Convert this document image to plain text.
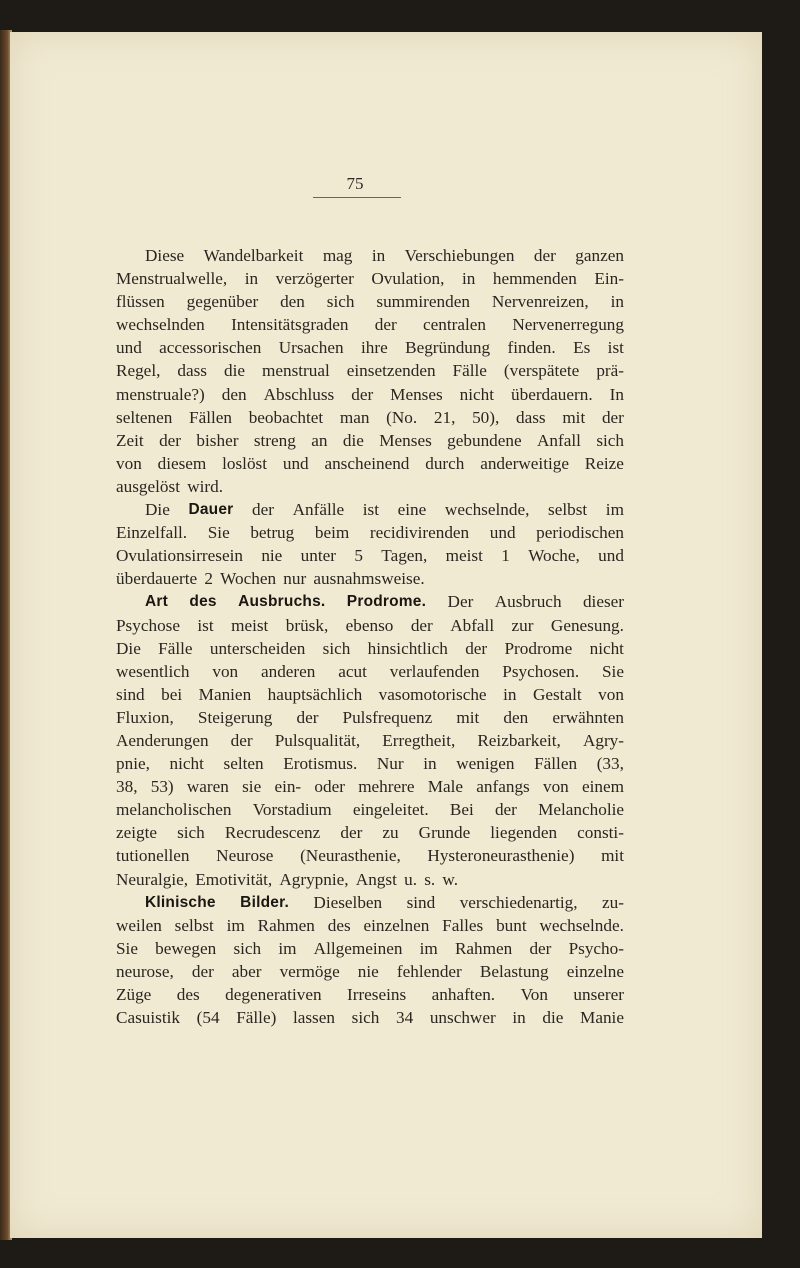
75
Diese Wandelbarkeit mag in Verschiebungen der ganzen
Menstrualwelle, in verzögerter Ovulation, in hemmenden Ein-
flüssen gegenüber den sich summirenden Nervenreizen, in
wechselnden Intensitätsgraden der centralen Nervenerregung
und accessorischen Ursachen ihre Begründung finden. Es ist
Regel, dass die menstrual einsetzenden Fälle (verspätete prä-
menstruale?) den Abschluss der Menses nicht überdauern. In
seltenen Fällen beobachtet man (No. 21, 50), dass mit der
Zeit der bisher streng an die Menses gebundene Anfall sich
von diesem loslöst und anscheinend durch anderweitige Reize
ausgelöst wird.
Die Dauer der Anfälle ist eine wechselnde, selbst im
Einzelfall. Sie betrug beim recidivirenden und periodischen
Ovulationsirresein nie unter 5 Tagen, meist 1 Woche, und
überdauerte 2 Wochen nur ausnahmsweise.
Art des Ausbruchs. Prodrome. Der Ausbruch dieser
Psychose ist meist brüsk, ebenso der Abfall zur Genesung.
Die Fälle unterscheiden sich hinsichtlich der Prodrome nicht
wesentlich von anderen acut verlaufenden Psychosen. Sie
sind bei Manien hauptsächlich vasomotorische in Gestalt von
Fluxion, Steigerung der Pulsfrequenz mit den erwähnten
Aenderungen der Pulsqualität, Erregtheit, Reizbarkeit, Agry-
pnie, nicht selten Erotismus. Nur in wenigen Fällen (33,
38, 53) waren sie ein- oder mehrere Male anfangs von einem
melancholischen Vorstadium eingeleitet. Bei der Melancholie
zeigte sich Recrudescenz der zu Grunde liegenden consti-
tutionellen Neurose (Neurasthenie, Hysteroneurasthenie) mit
Neuralgie, Emotivität, Agrypnie, Angst u. s. w.
Klinische Bilder. Dieselben sind verschiedenartig, zu-
weilen selbst im Rahmen des einzelnen Falles bunt wechselnde.
Sie bewegen sich im Allgemeinen im Rahmen der Psycho-
neurose, der aber vermöge nie fehlender Belastung einzelne
Züge des degenerativen Irreseins anhaften. Von unserer
Casuistik (54 Fälle) lassen sich 34 unschwer in die Manie
